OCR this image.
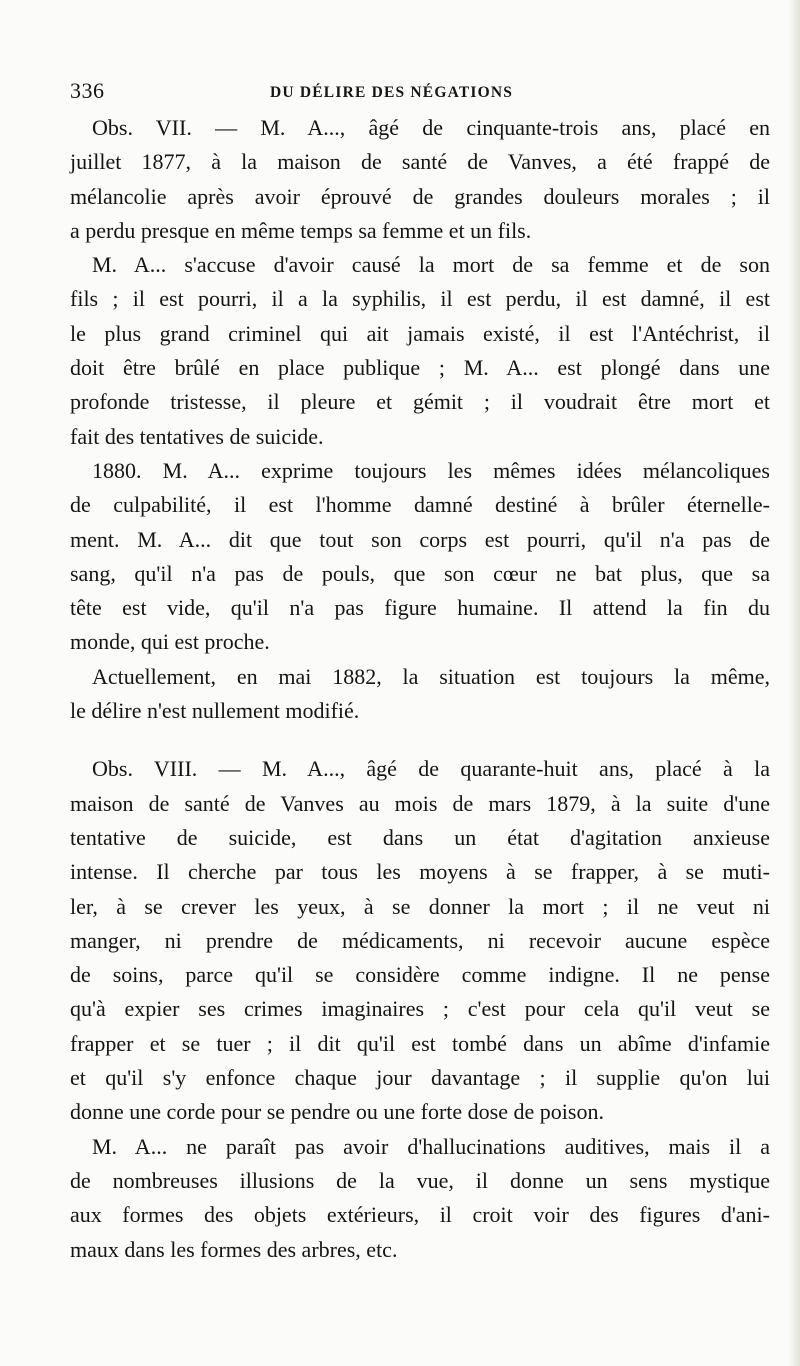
336	DU DÉLIRE DES NÉGATIONS
Obs. VII. — M. A..., âgé de cinquante-trois ans, placé en
juillet 1877, à la maison de santé de Vanves, a été frappé de
mélancolie après avoir éprouvé de grandes douleurs morales ; il
a perdu presque en même temps sa femme et un fils.
M. A... s'accuse d'avoir causé la mort de sa femme et de son
fils ; il est pourri, il a la syphilis, il est perdu, il est damné, il est
le plus grand criminel qui ait jamais existé, il est l'Antéchrist, il
doit être brûlé en place publique ; M. A... est plongé dans une
profonde tristesse, il pleure et gémit ; il voudrait être mort et
fait des tentatives de suicide.
1880. M. A... exprime toujours les mêmes idées mélancoliques
de culpabilité, il est l'homme damné destiné à brûler éternelle-
ment. M. A... dit que tout son corps est pourri, qu'il n'a pas de
sang, qu'il n'a pas de pouls, que son cœur ne bat plus, que sa
tête est vide, qu'il n'a pas figure humaine. Il attend la fin du
monde, qui est proche.
Actuellement, en mai 1882, la situation est toujours la même,
le délire n'est nullement modifié.
Obs. VIII. — M. A..., âgé de quarante-huit ans, placé à la
maison de santé de Vanves au mois de mars 1879, à la suite d'une
tentative de suicide, est dans un état d'agitation anxieuse
intense. Il cherche par tous les moyens à se frapper, à se muti-
ler, à se crever les yeux, à se donner la mort ; il ne veut ni
manger, ni prendre de médicaments, ni recevoir aucune espèce
de soins, parce qu'il se considère comme indigne. Il ne pense
qu'à expier ses crimes imaginaires ; c'est pour cela qu'il veut se
frapper et se tuer ; il dit qu'il est tombé dans un abîme d'infamie
et qu'il s'y enfonce chaque jour davantage ; il supplie qu'on lui
donne une corde pour se pendre ou une forte dose de poison.
M. A... ne paraît pas avoir d'hallucinations auditives, mais il a
de nombreuses illusions de la vue, il donne un sens mystique
aux formes des objets extérieurs, il croit voir des figures d'ani-
maux dans les formes des arbres, etc.
